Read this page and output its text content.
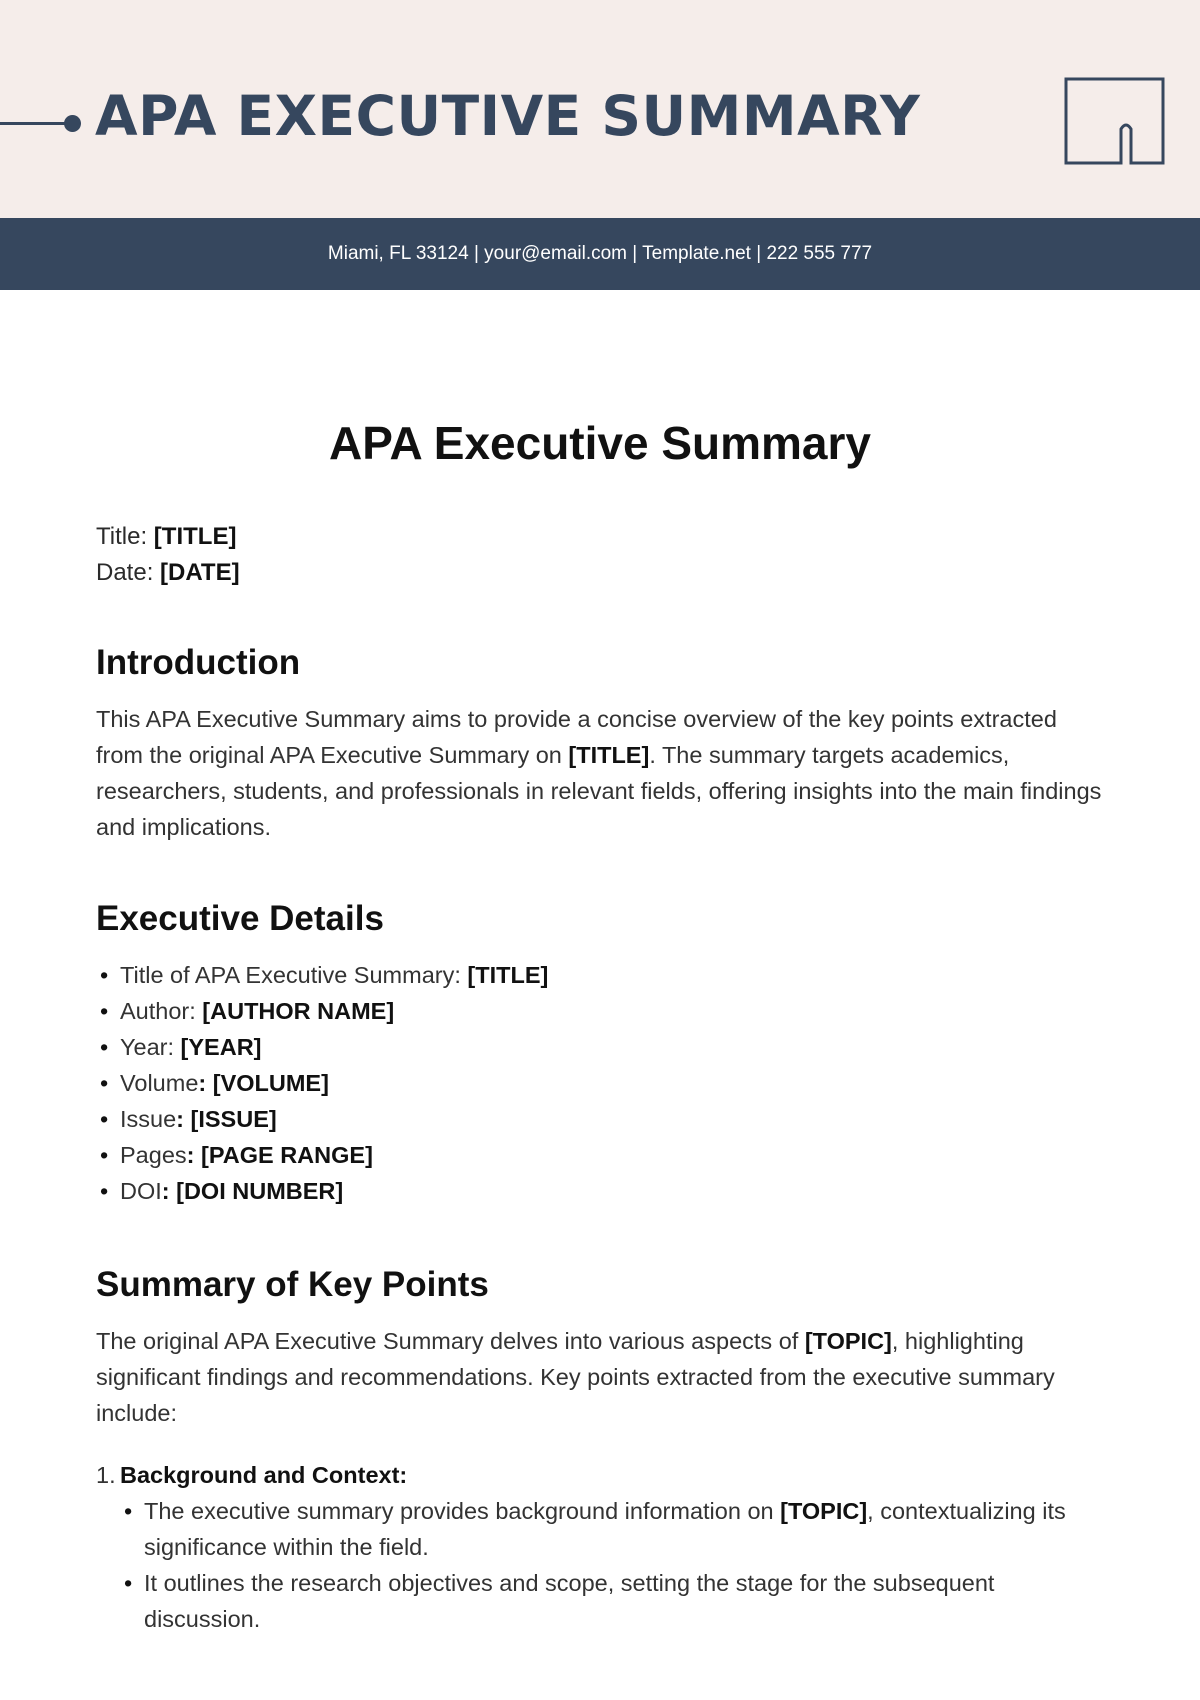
APA EXECUTIVE SUMMARY
Miami, FL 33124 | your@email.com | Template.net | 222 555 777
APA Executive Summary
Title: [TITLE]
Date: [DATE]
Introduction

This APA Executive Summary aims to provide a concise overview of the key points extracted from the original APA Executive Summary on [TITLE]. The summary targets academics, researchers, students, and professionals in relevant fields, offering insights into the main findings and implications.

Executive Details
• Title of APA Executive Summary: [TITLE]
• Author: [AUTHOR NAME]
• Year: [YEAR]
• Volume: [VOLUME]
• Issue: [ISSUE]
• Pages: [PAGE RANGE]
• DOI: [DOI NUMBER]
Summary of Key Points

The original APA Executive Summary delves into various aspects of [TOPIC], highlighting significant findings and recommendations. Key points extracted from the executive summary include:

1. Background and Context:
• The executive summary provides background information on [TOPIC], contextualizing its significance within the field.
• It outlines the research objectives and scope, setting the stage for the subsequent discussion.
